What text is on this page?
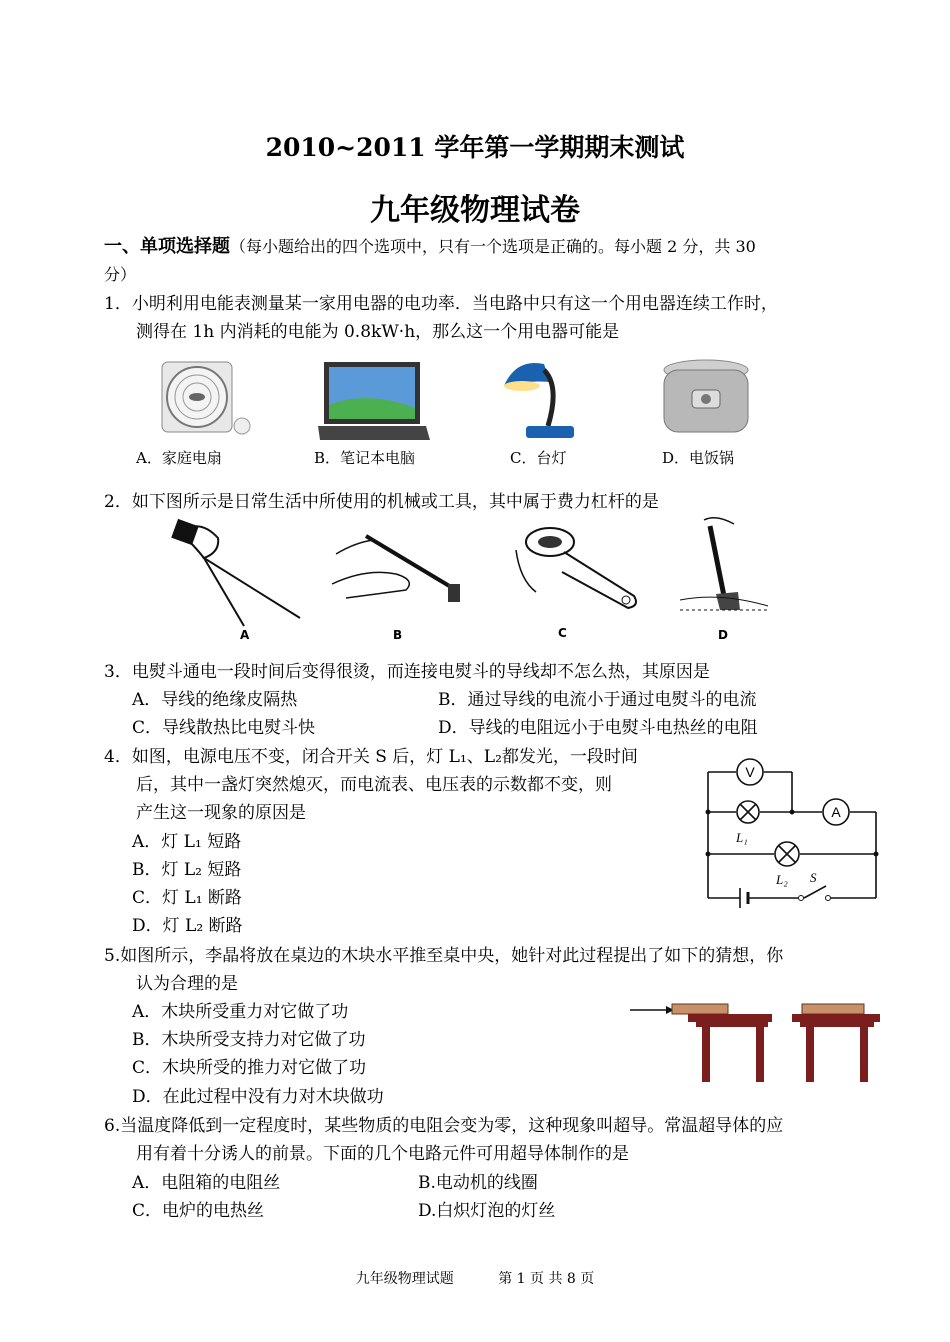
2010~2011 学年第一学期期末测试
九年级物理试卷
一、单项选择题（每小题给出的四个选项中，只有一个选项是正确的。每小题 2 分，共 30
分）
1．小明利用电能表测量某一家用电器的电功率．当电路中只有这一个用电器连续工作时，
测得在 1h 内消耗的电能为 0.8kW·h，那么这一个用电器可能是
A．家庭电扇	B．笔记本电脑	C．台灯	D．电饭锅
2．如下图所示是日常生活中所使用的机械或工具，其中属于费力杠杆的是
A	B	C	D
3．电熨斗通电一段时间后变得很烫，而连接电熨斗的导线却不怎么热，其原因是
A．导线的绝缘皮隔热	B．通过导线的电流小于通过电熨斗的电流
C．导线散热比电熨斗快	D．导线的电阻远小于电熨斗电热丝的电阻
4．如图，电源电压不变，闭合开关 S 后，灯 L₁、L₂都发光，一段时间
后，其中一盏灯突然熄灭，而电流表、电压表的示数都不变，则
产生这一现象的原因是
A．灯 L₁ 短路
B．灯 L₂ 短路
C．灯 L₁ 断路
D．灯 L₂ 断路
V
A
L₁
L₂ S
5.如图所示，李晶将放在桌边的木块水平推至桌中央，她针对此过程提出了如下的猜想，你
认为合理的是
A．木块所受重力对它做了功
B．木块所受支持力对它做了功
C．木块所受的推力对它做了功
D．在此过程中没有力对木块做功
6.当温度降低到一定程度时，某些物质的电阻会变为零，这种现象叫超导。常温超导体的应
用有着十分诱人的前景。下面的几个电路元件可用超导体制作的是
A．电阻箱的电阻丝	B.电动机的线圈
C．电炉的电热丝	D.白炽灯泡的灯丝
九年级物理试题	第 1 页 共 8 页
